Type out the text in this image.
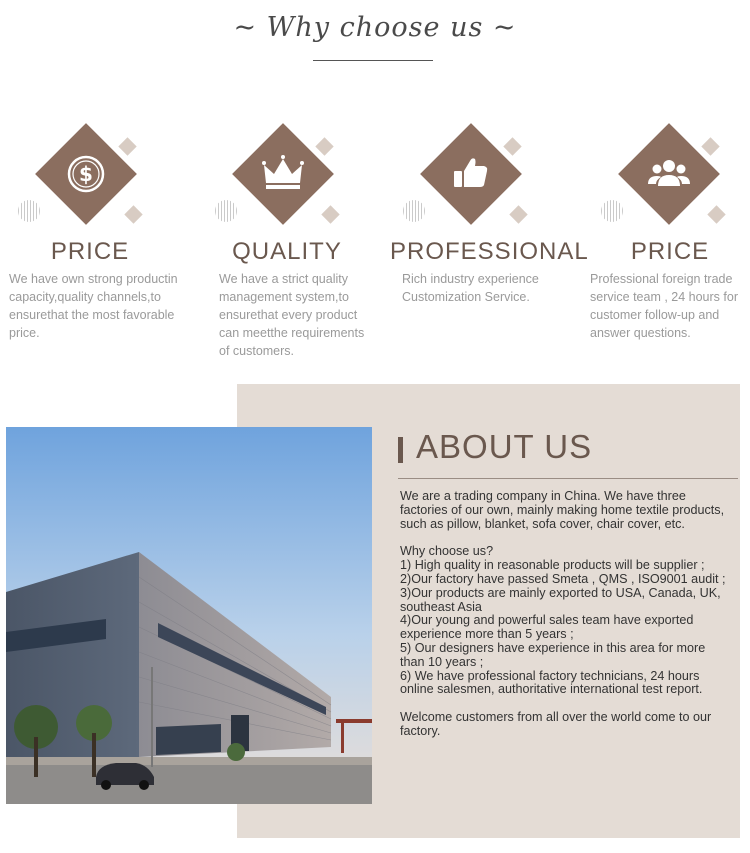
~ Why choose us ~
$
PRICE
We have own strong productin capacity,quality channels,to ensurethat the most favorable price.
QUALITY
We have a strict quality management system,to ensurethat every product can meetthe requirements of customers.
PROFESSIONAL
Rich industry experience Customization Service.
PRICE
Professional foreign trade service team , 24 hours for customer follow-up and answer questions.
ABOUT US

We are a trading company in China. We have three factories of our own, mainly making home textile products, such as pillow, blanket, sofa cover, chair cover, etc.

Why choose us?

1) High quality in reasonable products will be supplier ;

2)Our factory have passed Smeta , QMS , ISO9001 audit ;

3)Our products are mainly exported to USA, Canada, UK, southeast Asia

4)Our young and powerful sales team have exported experience more than 5 years ;

5) Our designers have experience in this area for more than 10 years ;

6) We have professional factory technicians, 24 hours online salesmen, authoritative international test report.

Welcome customers from all over the world come to our factory.
